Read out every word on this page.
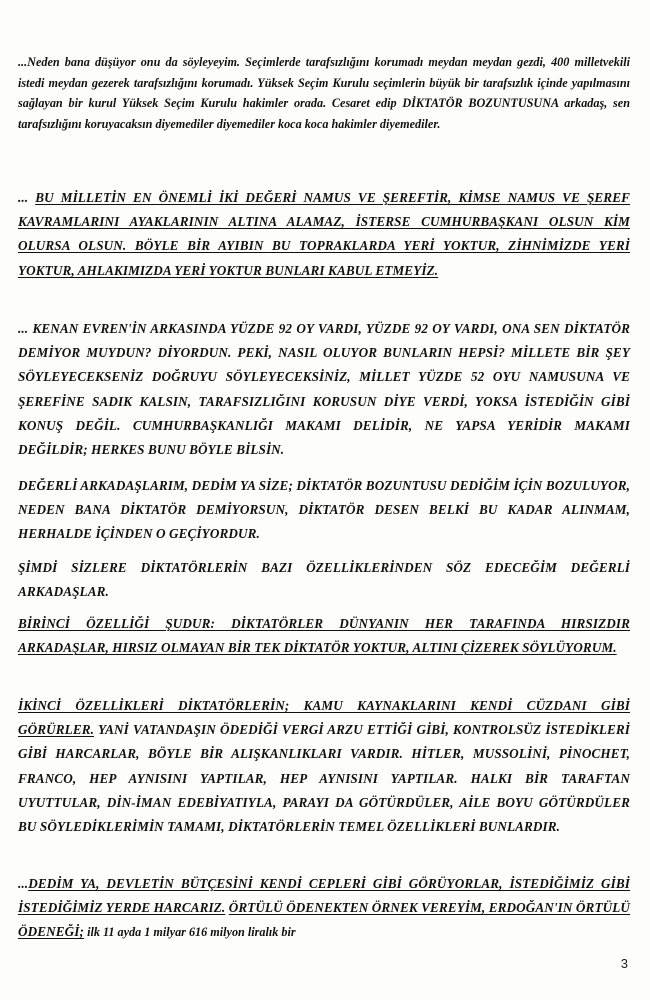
...Neden bana düşüyor onu da söyleyeyim. Seçimlerde tarafsızlığını korumadı meydan meydan gezdi, 400 milletvekili istedi meydan gezerek tarafsızlığını korumadı. Yüksek Seçim Kurulu seçimlerin büyük bir tarafsızlık içinde yapılmasını sağlayan bir kurul Yüksek Seçim Kurulu hakimler orada. Cesaret edip DİKTATÖR BOZUNTUSUNA arkadaş, sen tarafsızlığını koruyacaksın diyemediler diyemediler koca koca hakimler diyemediler.

... BU MİLLETİN EN ÖNEMLİ İKİ DEĞERİ NAMUS VE ŞEREFTİR, KİMSE NAMUS VE ŞEREF KAVRAMLARINI AYAKLARININ ALTINA ALAMAZ, İSTERSE CUMHURBAŞKANI OLSUN KİM OLURSA OLSUN. BÖYLE BİR AYIBIN BU TOPRAKLARDA YERİ YOKTUR, ZİHNİMİZDE YERİ YOKTUR, AHLAKIMIZDA YERİ YOKTUR BUNLARI KABUL ETMEYİZ.

... KENAN EVREN'İN ARKASINDA YÜZDE 92 OY VARDI, YÜZDE 92 OY VARDI, ONA SEN DİKTATÖR DEMİYOR MUYDUN? DİYORDUN. PEKİ, NASIL OLUYOR BUNLARIN HEPSİ? MİLLETE BİR ŞEY SÖYLEYECEKSENİZ DOĞRUYU SÖYLEYECEKSİNİZ, MİLLET YÜZDE 52 OYU NAMUSUNA VE ŞEREFİNE SADIK KALSIN, TARAFSIZLIĞINI KORUSUN DİYE VERDİ, YOKSA İSTEDİĞİN GİBİ KONUŞ DEĞİL. CUMHURBAŞKANLIĞI MAKAMI DELİDİR, NE YAPSA YERİDİR MAKAMI DEĞİLDİR; HERKES BUNU BÖYLE BİLSİN.

DEĞERLİ ARKADAŞLARIM, DEDİM YA SİZE; DİKTATÖR BOZUNTUSU DEDİĞİM İÇİN BOZULUYOR, NEDEN BANA DİKTATÖR DEMİYORSUN, DİKTATÖR DESEN BELKİ BU KADAR ALINMAM, HERHALDE İÇİNDEN O GEÇİYORDUR.

ŞİMDİ SİZLERE DİKTATÖRLERİN BAZI ÖZELLİKLERİNDEN SÖZ EDECEĞİM DEĞERLİ ARKADAŞLAR.

BİRİNCİ ÖZELLİĞİ ŞUDUR: DİKTATÖRLER DÜNYANIN HER TARAFINDA HIRSIZDIR ARKADAŞLAR, HIRSIZ OLMAYAN BİR TEK DİKTATÖR YOKTUR, ALTINI ÇİZEREK SÖYLÜYORUM.

İKİNCİ ÖZELLİKLERİ DİKTATÖRLERİN; KAMU KAYNAKLARINI KENDİ CÜZDANI GİBİ GÖRÜRLER. YANİ VATANDAŞIN ÖDEDİĞİ VERGİ ARZU ETTİĞİ GİBİ, KONTROLSÜZ İSTEDİKLERİ GİBİ HARCARLAR, BÖYLE BİR ALIŞKANLIKLARI VARDIR. HİTLER, MUSSOLİNİ, PİNOCHET, FRANCO, HEP AYNISINI YAPTILAR, HEP AYNISINI YAPTILAR. HALKI BİR TARAFTAN UYUTTULAR, DİN-İMAN EDEBİYATIYLA, PARAYI DA GÖTÜRDÜLER, AİLE BOYU GÖTÜRDÜLER BU SÖYLEDİKLERİMİN TAMAMI, DİKTATÖRLERİN TEMEL ÖZELLİKLERİ BUNLARDIR.

...DEDİM YA, DEVLETİN BÜTÇESİNİ KENDİ CEPLERİ GİBİ GÖRÜYORLAR, İSTEDİĞİMİZ GİBİ İSTEDİĞİMİZ YERDE HARCARIZ. ÖRTÜLÜ ÖDENEKTEN ÖRNEK VEREYİM, ERDOĞAN'IN ÖRTÜLÜ ÖDENEĞİ; ilk 11 ayda 1 milyar 616 milyon liralık bir

3
